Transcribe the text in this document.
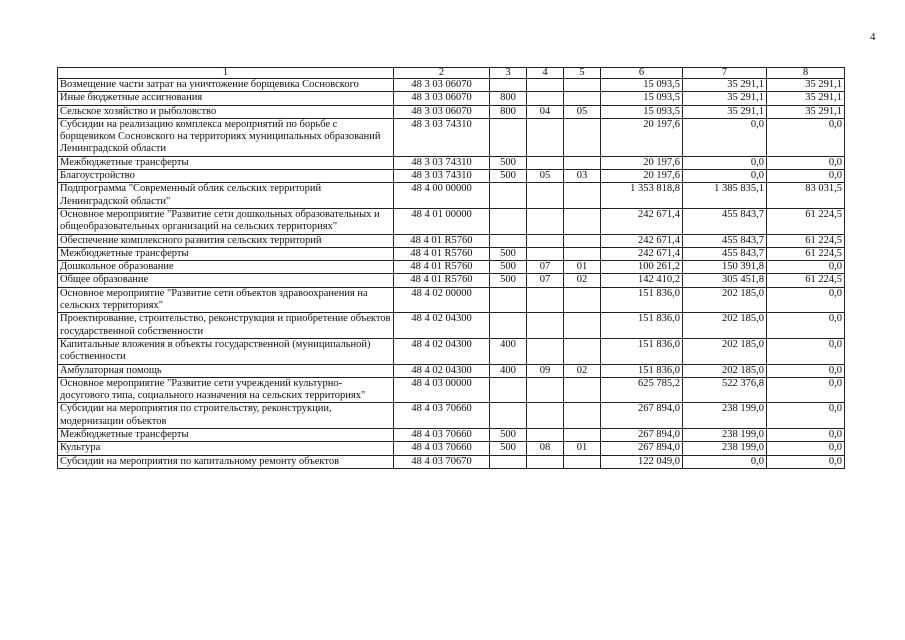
4
1	2	3	4	5	6	7	8
Возмещение части затрат на уничтожение борщевика Сосновского	48 3 03 06070				15 093,5	35 291,1	35 291,1
Иные бюджетные ассигнования	48 3 03 06070	800			15 093,5	35 291,1	35 291,1
Сельское хозяйство и рыболовство	48 3 03 06070	800	04	05	15 093,5	35 291,1	35 291,1
Субсидии на реализацию комплекса мероприятий по борьбе с борщевиком Сосновского на территориях муниципальных образований Ленинградской области	48 3 03 74310				20 197,6	0,0	0,0
Межбюджетные трансферты	48 3 03 74310	500			20 197,6	0,0	0,0
Благоустройство	48 3 03 74310	500	05	03	20 197,6	0,0	0,0
Подпрограмма "Современный облик сельских территорий Ленинградской области"	48 4 00 00000				1 353 818,8	1 385 835,1	83 031,5
Основное мероприятие "Развитие сети дошкольных образовательных и общеобразовательных организаций на сельских территориях"	48 4 01 00000				242 671,4	455 843,7	61 224,5
Обеспечение комплексного развития сельских территорий	48 4 01 R5760				242 671,4	455 843,7	61 224,5
Межбюджетные трансферты	48 4 01 R5760	500			242 671,4	455 843,7	61 224,5
Дошкольное образование	48 4 01 R5760	500	07	01	100 261,2	150 391,8	0,0
Общее образование	48 4 01 R5760	500	07	02	142 410,2	305 451,8	61 224,5
Основное мероприятие "Развитие сети объектов здравоохранения на сельских территориях"	48 4 02 00000				151 836,0	202 185,0	0,0
Проектирование, строительство, реконструкция и приобретение объектов государственной собственности	48 4 02 04300				151 836,0	202 185,0	0,0
Капитальные вложения в объекты государственной (муниципальной) собственности	48 4 02 04300	400			151 836,0	202 185,0	0,0
Амбулаторная помощь	48 4 02 04300	400	09	02	151 836,0	202 185,0	0,0
Основное мероприятие "Развитие сети учреждений культурно-досугового типа, социального назначения на сельских территориях"	48 4 03 00000				625 785,2	522 376,8	0,0
Субсидии на мероприятия по строительству, реконструкции, модернизации объектов	48 4 03 70660				267 894,0	238 199,0	0,0
Межбюджетные трансферты	48 4 03 70660	500			267 894,0	238 199,0	0,0
Культура	48 4 03 70660	500	08	01	267 894,0	238 199,0	0,0
Субсидии на мероприятия по капитальному ремонту объектов	48 4 03 70670				122 049,0	0,0	0,0
